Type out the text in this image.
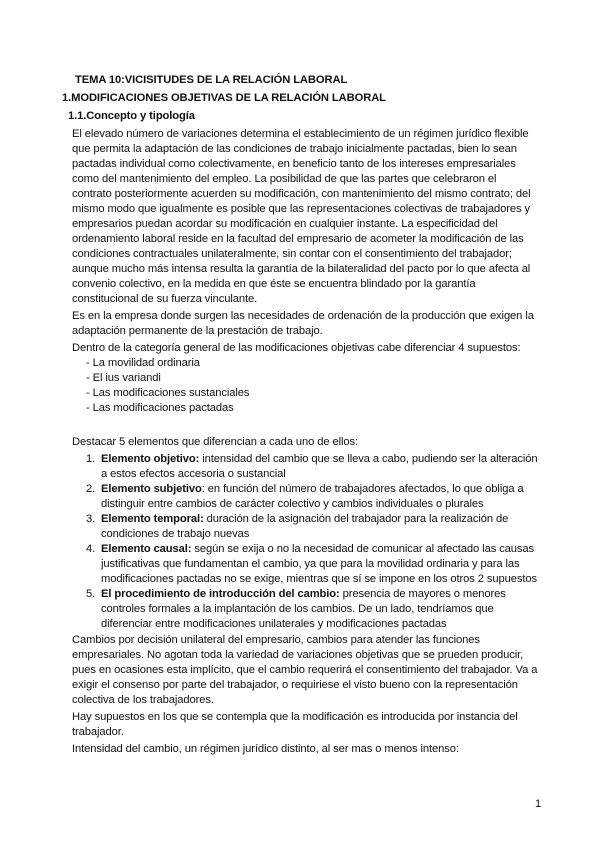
TEMA 10:VICISITUDES DE LA RELACIÓN LABORAL
1.MODIFICACIONES OBJETIVAS DE LA RELACIÓN LABORAL
1.1.Concepto y tipología
El elevado número de variaciones determina el establecimiento de un régimen jurídico flexible
que permita la adaptación de las condiciones de trabajo inicialmente pactadas, bien lo sean
pactadas individual como colectivamente, en beneficio tanto de los intereses empresariales
como del mantenimiento del empleo. La posibilidad de que las partes que celebraron el
contrato posteriormente acuerden su modificación, con mantenimiento del mismo contrato; del
mismo modo que igualmente es posible que las representaciones colectivas de trabajadores y
empresarios puedan acordar su modificación en cualquier instante. La especificidad del
ordenamiento laboral reside en la facultad del empresario de acometer la modificación de las
condiciones contractuales unilateralmente, sin contar con el consentimiento del trabajador;
aunque mucho más intensa resulta la garantía de la bilateralidad del pacto por lo que afecta al
convenio colectivo, en la medida en que éste se encuentra blindado por la garantía
constitucional de su fuerza vinculante.
Es en la empresa donde surgen las necesidades de ordenación de la producción que exigen la
adaptación permanente de la prestación de trabajo.
Dentro de la categoría general de las modificaciones objetivas cabe diferenciar 4 supuestos:
- La movilidad ordinaria
- El ius variandi
- Las modificaciones sustanciales
- Las modificaciones pactadas
Destacar 5 elementos que diferencian a cada uno de ellos:
1. Elemento objetivo: intensidad del cambio que se lleva a cabo, pudiendo ser la alteración
a estos efectos accesoria o sustancial
2. Elemento subjetivo: en función del número de trabajadores afectados, lo que obliga a
distinguir entre cambios de carácter colectivo y cambios individuales o plurales
3. Elemento temporal: duración de la asignación del trabajador para la realización de
condiciones de trabajo nuevas
4. Elemento causal: según se exija o no la necesidad de comunicar al afectado las causas
justificativas que fundamentan el cambio, ya que para la movilidad ordinaria y para las
modificaciones pactadas no se exige, mientras que sí se impone en los otros 2 supuestos
5. El procedimiento de introducción del cambio: presencia de mayores o menores
controles formales a la implantación de los cambios. De un lado, tendríamos que
diferenciar entre modificaciones unilaterales y modificaciones pactadas
Cambios por decisión unilateral del empresario, cambios para atender las funciones
empresariales. No agotan toda la variedad de variaciones objetivas que se prueden producir,
pues en ocasiones esta implícito, que el cambio requerirá el consentimiento del trabajador. Va a
exigir el consenso por parte del trabajador, o requiriese el visto bueno con la representación
colectiva de los trabajadores.
Hay supuestos en los que se contempla que la modificación es introducida por instancia del
trabajador.
Intensidad del cambio, un régimen jurídico distinto, al ser mas o menos intenso:
1
